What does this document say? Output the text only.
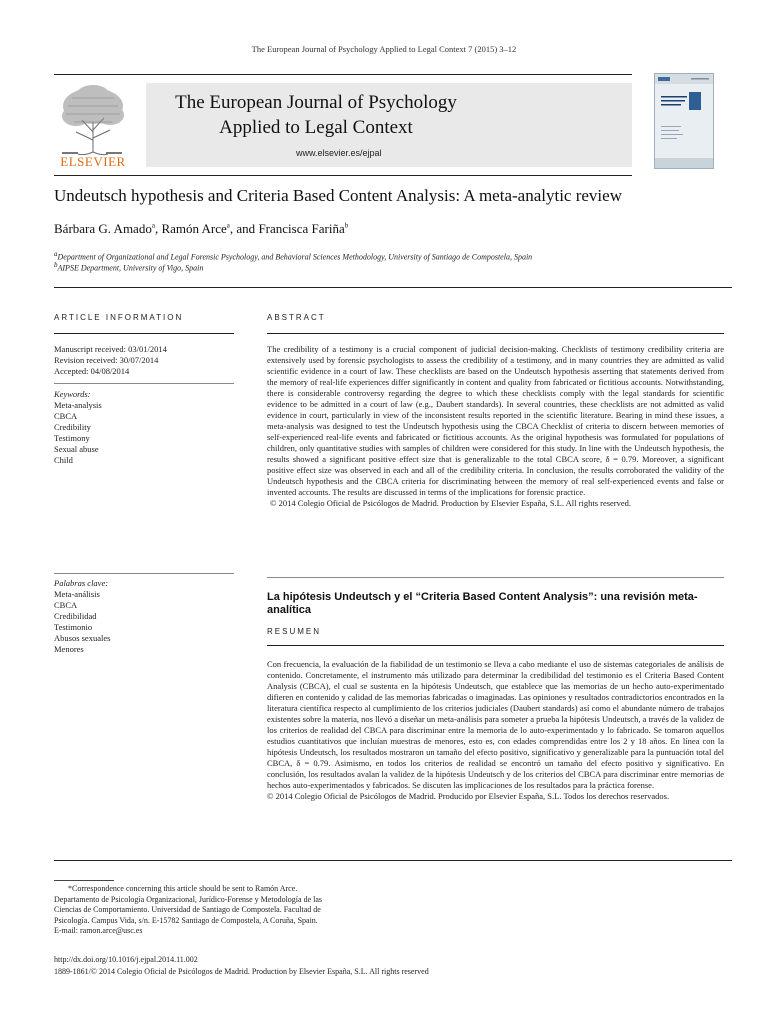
The European Journal of Psychology Applied to Legal Context 7 (2015) 3–12
ELSEVIER
The European Journal of Psychology
Applied to Legal Context
www.elsevier.es/ejpal
Undeutsch hypothesis and Criteria Based Content Analysis: A meta-analytic review
Bárbara G. Amado$^a$, Ramón Arce$^a$, and Francisca Fariña$^b$
$^a$Department of Organizational and Legal Forensic Psychology, and Behavioral Sciences Methodology, University of Santiago de Compostela, Spain
$^b$AIPSE Department, University of Vigo, Spain
ARTICLE INFORMATION
Manuscript received: 03/01/2014
Revision received: 30/07/2014
Accepted: 04/08/2014
Keywords:
Meta-analysis
CBCA
Credibility
Testimony
Sexual abuse
Child
Palabras clave:
Meta-análisis
CBCA
Credibilidad
Testimonio
Abusos sexuales
Menores
ABSTRACT
The credibility of a testimony is a crucial component of judicial decision-making. Checklists of testimony credibility criteria are extensively used by forensic psychologists to assess the credibility of a testimony, and in many countries they are admitted as valid scientific evidence in a court of law. These checklists are based on the Undeutsch hypothesis asserting that statements derived from the memory of real-life experiences differ significantly in content and quality from fabricated or fictitious accounts. Notwithstanding, there is considerable controversy regarding the degree to which these checklists comply with the legal standards for scientific evidence to be admitted in a court of law (e.g., Daubert standards). In several countries, these checklists are not admitted as valid evidence in court, particularly in view of the inconsistent results reported in the scientific literature. Bearing in mind these issues, a meta-analysis was designed to test the Undeutsch hypothesis using the CBCA Checklist of criteria to discern between memories of self-experienced real-life events and fabricated or fictitious accounts. As the original hypothesis was formulated for populations of children, only quantitative studies with samples of children were considered for this study. In line with the Undeutsch hypothesis, the results showed a significant positive effect size that is generalizable to the total CBCA score, δ = 0.79. Moreover, a significant positive effect size was observed in each and all of the credibility criteria. In conclusion, the results corroborated the validity of the Undeutsch hypothesis and the CBCA criteria for discriminating between the memory of real self-experienced events and false or invented accounts. The results are discussed in terms of the implications for forensic practice.
© 2014 Colegio Oficial de Psicólogos de Madrid. Production by Elsevier España, S.L. All rights reserved.
La hipótesis Undeutsch y el “Criteria Based Content Analysis”: una revisión meta-analítica
RESUMEN
Con frecuencia, la evaluación de la fiabilidad de un testimonio se lleva a cabo mediante el uso de sistemas categoriales de análisis de contenido. Concretamente, el instrumento más utilizado para determinar la credibilidad del testimonio es el Criteria Based Content Analysis (CBCA), el cual se sustenta en la hipótesis Undeutsch, que establece que las memorias de un hecho auto-experimentado difieren en contenido y calidad de las memorias fabricadas o imaginadas. Las opiniones y resultados contradictorios encontrados en la literatura científica respecto al cumplimiento de los criterios judiciales (Daubert standards) así como el abundante número de trabajos existentes sobre la materia, nos llevó a diseñar un meta-análisis para someter a prueba la hipótesis Undeutsch, a través de la validez de los criterios de realidad del CBCA para discriminar entre la memoria de lo auto-experimentado y lo fabricado. Se tomaron aquellos estudios cuantitativos que incluían muestras de menores, esto es, con edades comprendidas entre los 2 y 18 años. En línea con la hipótesis Undeutsch, los resultados mostraron un tamaño del efecto positivo, significativo y generalizable para la puntuación total del CBCA, δ = 0.79. Asimismo, en todos los criterios de realidad se encontró un tamaño del efecto positivo y significativo. En conclusión, los resultados avalan la validez de la hipótesis Undeutsch y de los criterios del CBCA para discriminar entre memorias de hechos auto-experimentados y fabricados. Se discuten las implicaciones de los resultados para la práctica forense.
© 2014 Colegio Oficial de Psicólogos de Madrid. Producido por Elsevier España, S.L. Todos los derechos reservados.
*Correspondence concerning this article should be sent to Ramón Arce.
Departamento de Psicología Organizacional, Jurídico-Forense y Metodología de las
Ciencias de Comportamiento. Universidad de Santiago de Compostela. Facultad de
Psicología. Campus Vida, s/n. E-15782 Santiago de Compostela, A Coruña, Spain.
E-mail: ramon.arce@usc.es
http://dx.doi.org/10.1016/j.ejpal.2014.11.002
1889-1861/© 2014 Colegio Oficial de Psicólogos de Madrid. Production by Elsevier España, S.L. All rights reserved
